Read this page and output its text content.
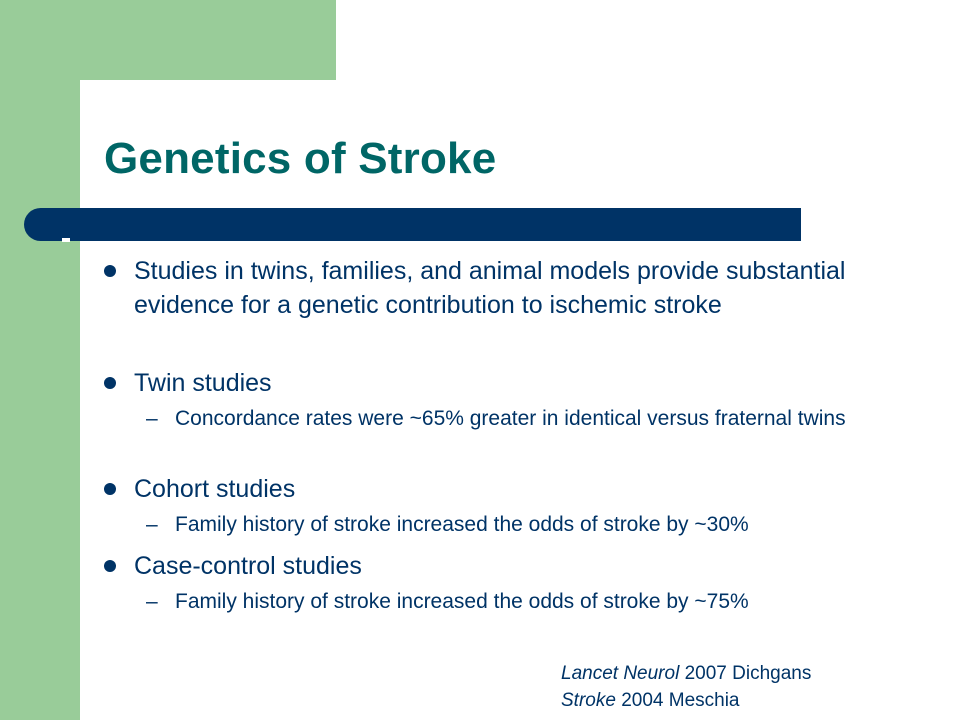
Genetics of Stroke
Studies in twins, families, and animal models provide substantial evidence for a genetic contribution to ischemic stroke
Twin studies
– Concordance rates were ~65% greater in identical versus fraternal twins
Cohort studies
– Family history of stroke increased the odds of stroke by ~30%
Case-control studies
– Family history of stroke increased the odds of stroke by ~75%
Lancet Neurol 2007 Dichgans
Stroke 2004 Meschia
